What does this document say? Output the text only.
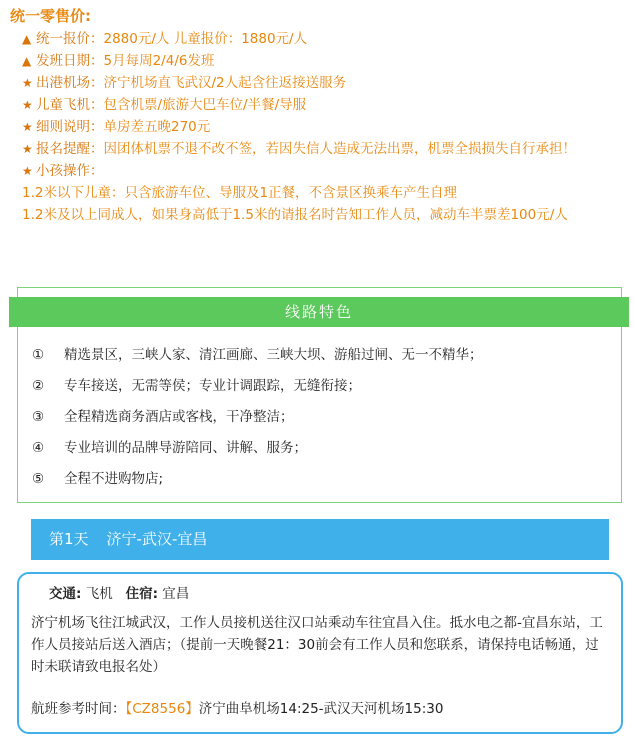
统一零售价:
▲ 统一报价：2880元/人 儿童报价：1880元/人
▲ 发班日期：5月每周2/4/6发班
★ 出港机场：济宁机场直飞武汉/2人起含往返接送服务
★ 儿童飞机：包含机票/旅游大巴车位/半餐/导服
★ 细则说明：单房差五晚270元
★ 报名提醒：因团体机票不退不改不签，若因失信人造成无法出票，机票全损损失自行承担！
★ 小孩操作：
1.2米以下儿童：只含旅游车位、导服及1正餐，不含景区换乘车产生自理
1.2米及以上同成人，如果身高低于1.5米的请报名时告知工作人员，减动车半票差100元/人
线路特色
① 精选景区，三峡人家、清江画廊、三峡大坝、游船过闸、无一不精华；
② 专车接送，无需等侯；专业计调跟踪，无缝衔接；
③ 全程精选商务酒店或客栈，干净整洁；
④ 专业培训的品牌导游陪同、讲解、服务；
⑤ 全程不进购物店;
第1天 济宁-武汉-宜昌
交通: 飞机 住宿: 宜昌
济宁机场飞往江城武汉，工作人员接机送往汉口站乘动车往宜昌入住。抵水电之都-宜昌东站，工作人员接站后送入酒店；（提前一天晚餐21：30前会有工作人员和您联系，请保持电话畅通，过时未联请致电报名处）
航班参考时间：【CZ8556】济宁曲阜机场14:25-武汉天河机场15:30
